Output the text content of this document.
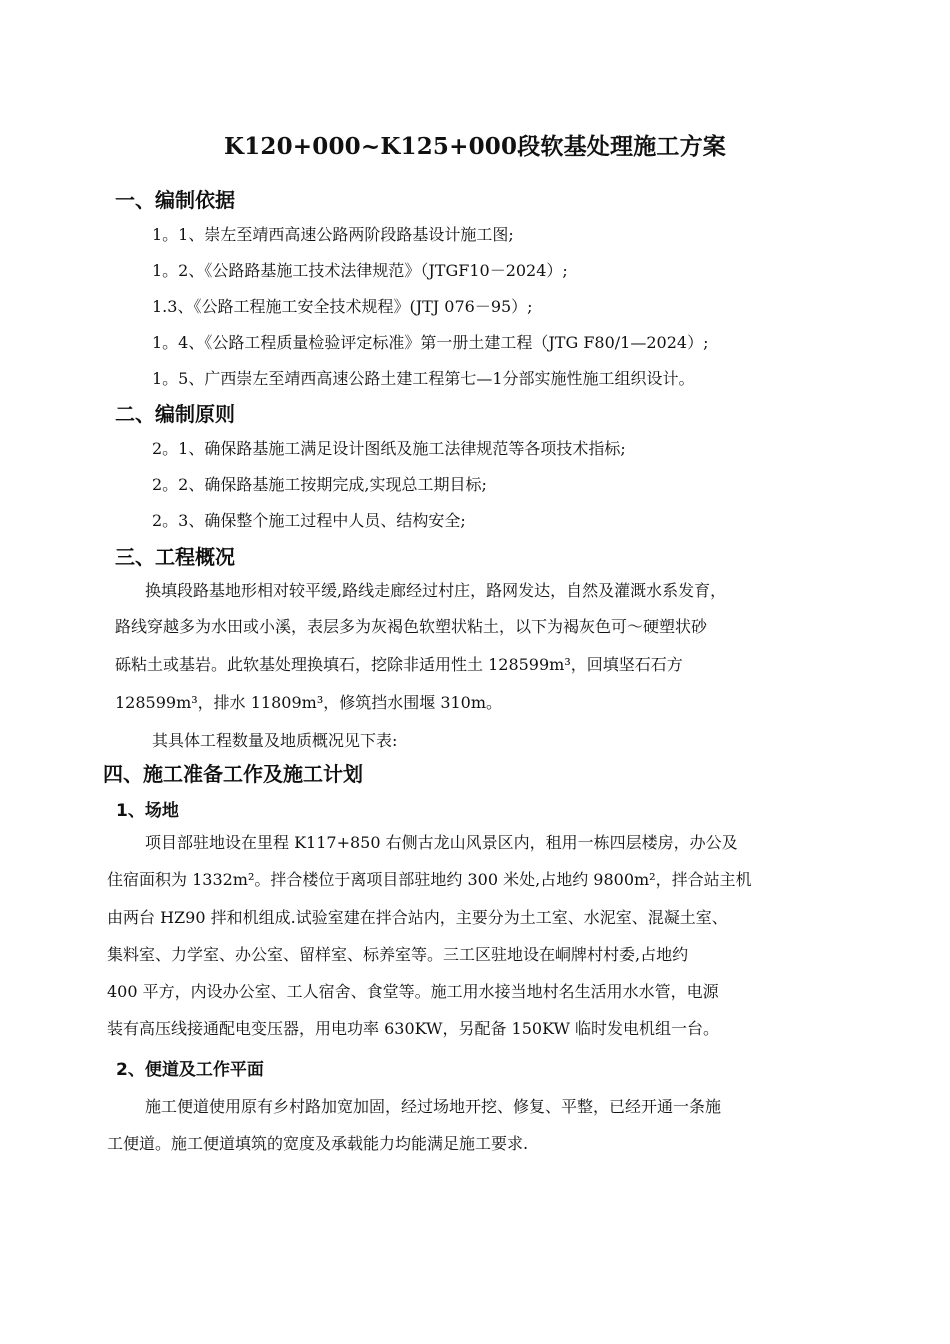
K120+000~K125+000段软基处理施工方案
一、编制依据
1。1、崇左至靖西高速公路两阶段路基设计施工图;
1。2、《公路路基施工技术法律规范》（JTGF10－2024）;
1.3、《公路工程施工安全技术规程》(JTJ 076－95）;
1。4、《公路工程质量检验评定标准》第一册土建工程（JTG F80/1—2024）;
1。5、广西崇左至靖西高速公路土建工程第七—1分部实施性施工组织设计。
二、编制原则
2。1、确保路基施工满足设计图纸及施工法律规范等各项技术指标;
2。2、确保路基施工按期完成,实现总工期目标;
2。3、确保整个施工过程中人员、结构安全;
三、工程概况
换填段路基地形相对较平缓,路线走廊经过村庄，路网发达，自然及灌溉水系发育，
路线穿越多为水田或小溪，表层多为灰褐色软塑状粘土，以下为褐灰色可～硬塑状砂
砾粘土或基岩。此软基处理换填石，挖除非适用性土 128599m³，回填坚石石方
128599m³，排水 11809m³，修筑挡水围堰 310m。
其具体工程数量及地质概况见下表:
四、施工准备工作及施工计划
1、场地
项目部驻地设在里程 K117+850 右侧古龙山风景区内，租用一栋四层楼房，办公及
住宿面积为 1332m²。拌合楼位于离项目部驻地约 300 米处,占地约 9800m²，拌合站主机
由两台 HZ90 拌和机组成.试验室建在拌合站内，主要分为土工室、水泥室、混凝土室、
集料室、力学室、办公室、留样室、标养室等。三工区驻地设在峒牌村村委,占地约
400 平方，内设办公室、工人宿舍、食堂等。施工用水接当地村名生活用水水管，电源
装有高压线接通配电变压器，用电功率 630KW，另配备 150KW 临时发电机组一台。
2、便道及工作平面
施工便道使用原有乡村路加宽加固，经过场地开挖、修复、平整，已经开通一条施
工便道。施工便道填筑的宽度及承载能力均能满足施工要求.
